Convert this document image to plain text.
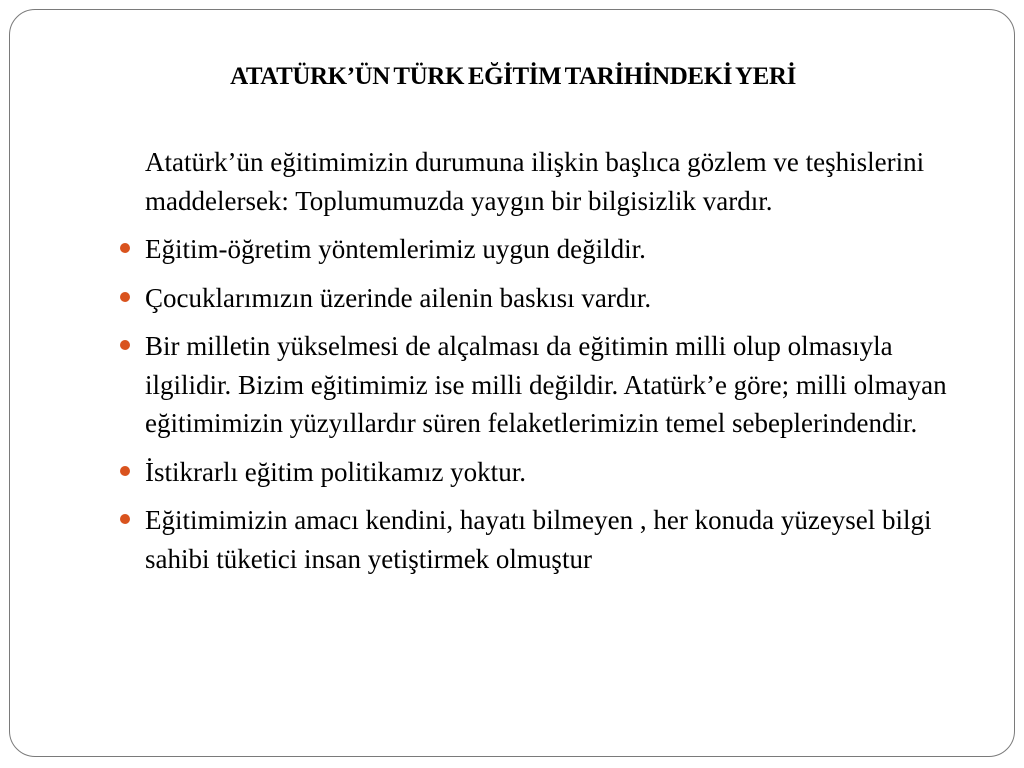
ATATÜRK’ÜN TÜRK EĞİTİM TARİHİNDEKİ YERİ
Atatürk’ün eğitimimizin durumuna ilişkin başlıca gözlem ve teşhislerini maddelersek: Toplumumuzda yaygın bir bilgisizlik vardır.
Eğitim-öğretim yöntemlerimiz uygun değildir.
Çocuklarımızın üzerinde ailenin baskısı vardır.
Bir milletin yükselmesi de alçalması da eğitimin milli olup olmasıyla ilgilidir. Bizim eğitimimiz ise milli değildir. Atatürk’e göre; milli olmayan eğitimimizin yüzyıllardır süren felaketlerimizin temel sebeplerindendir.
İstikrarlı eğitim politikamız yoktur.
Eğitimimizin amacı kendini, hayatı bilmeyen , her konuda yüzeysel bilgi sahibi tüketici insan yetiştirmek olmuştur
